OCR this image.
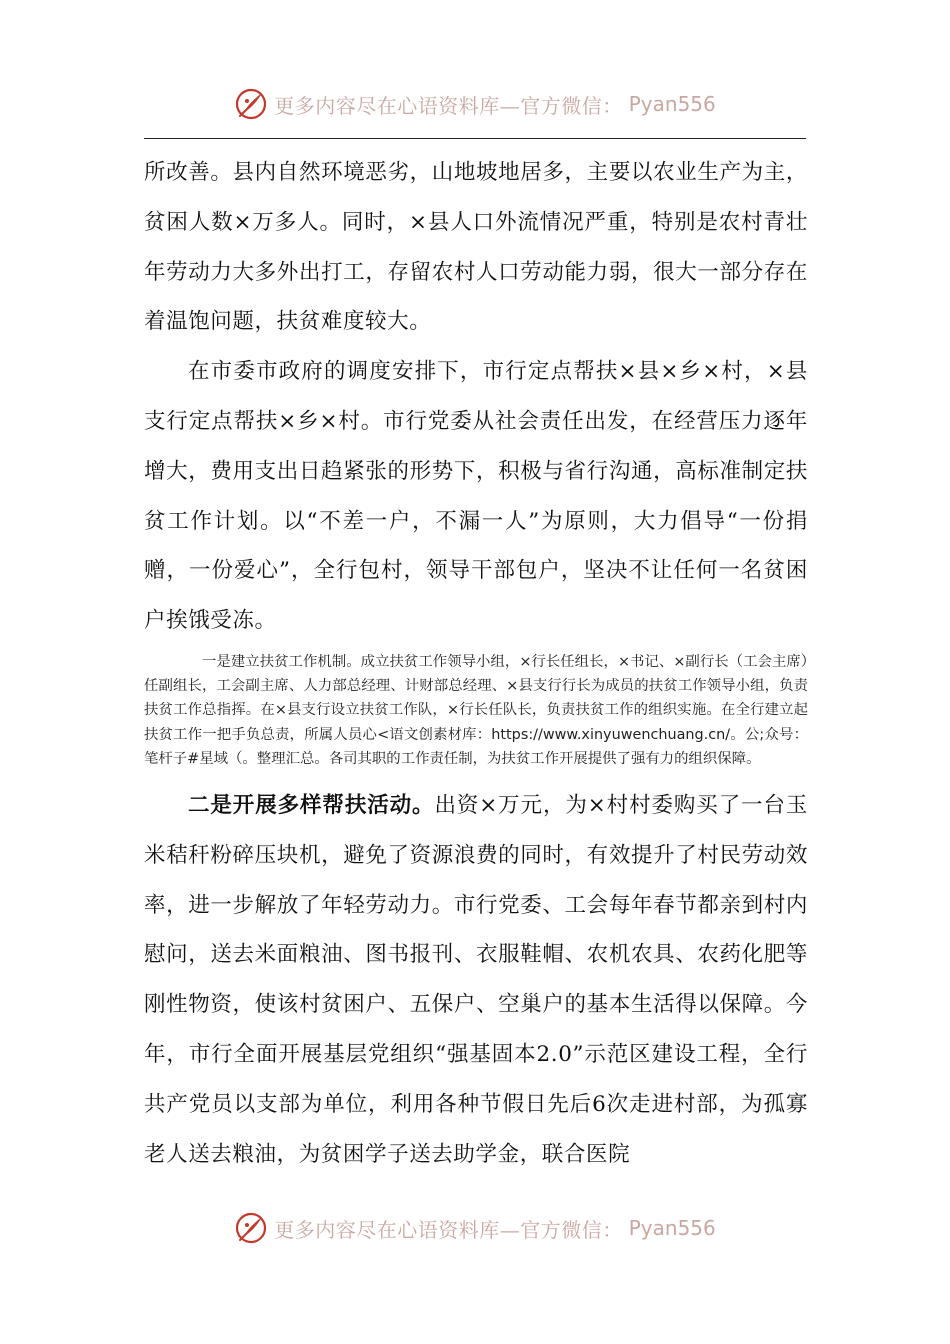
更多内容尽在心语资料库—官方微信： Pyan556

所改善。县内自然环境恶劣，山地坡地居多，主要以农业生产为主，贫困人数×万多人。同时，×县人口外流情况严重，特别是农村青壮年劳动力大多外出打工，存留农村人口劳动能力弱，很大一部分存在着温饱问题，扶贫难度较大。

在市委市政府的调度安排下，市行定点帮扶×县×乡×村，×县支行定点帮扶×乡×村。市行党委从社会责任出发，在经营压力逐年增大，费用支出日趋紧张的形势下，积极与省行沟通，高标准制定扶贫工作计划。以“不差一户，不漏一人”为原则，大力倡导“一份捐赠，一份爱心”，全行包村，领导干部包户，坚决不让任何一名贫困户挨饿受冻。

一是建立扶贫工作机制。成立扶贫工作领导小组，×行长任组长，×书记、×副行长（工会主席）任副组长，工会副主席、人力部总经理、计财部总经理、×县支行行长为成员的扶贫工作领导小组，负责扶贫工作总指挥。在×县支行设立扶贫工作队，×行长任队长，负责扶贫工作的组织实施。在全行建立起扶贫工作一把手负总责，所属人员心<语文创素材库：https://www.xinyuwenchuang.cn/。公;众号：笔杆子#星域（。整理汇总。各司其职的工作责任制，为扶贫工作开展提供了强有力的组织保障。

二是开展多样帮扶活动。出资×万元，为×村村委购买了一台玉米秸秆粉碎压块机，避免了资源浪费的同时，有效提升了村民劳动效率，进一步解放了年轻劳动力。市行党委、工会每年春节都亲到村内慰问，送去米面粮油、图书报刊、衣服鞋帽、农机农具、农药化肥等刚性物资，使该村贫困户、五保户、空巢户的基本生活得以保障。今年，市行全面开展基层党组织“强基固本2.0”示范区建设工程，全行共产党员以支部为单位，利用各种节假日先后6次走进村部，为孤寡老人送去粮油，为贫困学子送去助学金，联合医院

更多内容尽在心语资料库—官方微信： Pyan556
